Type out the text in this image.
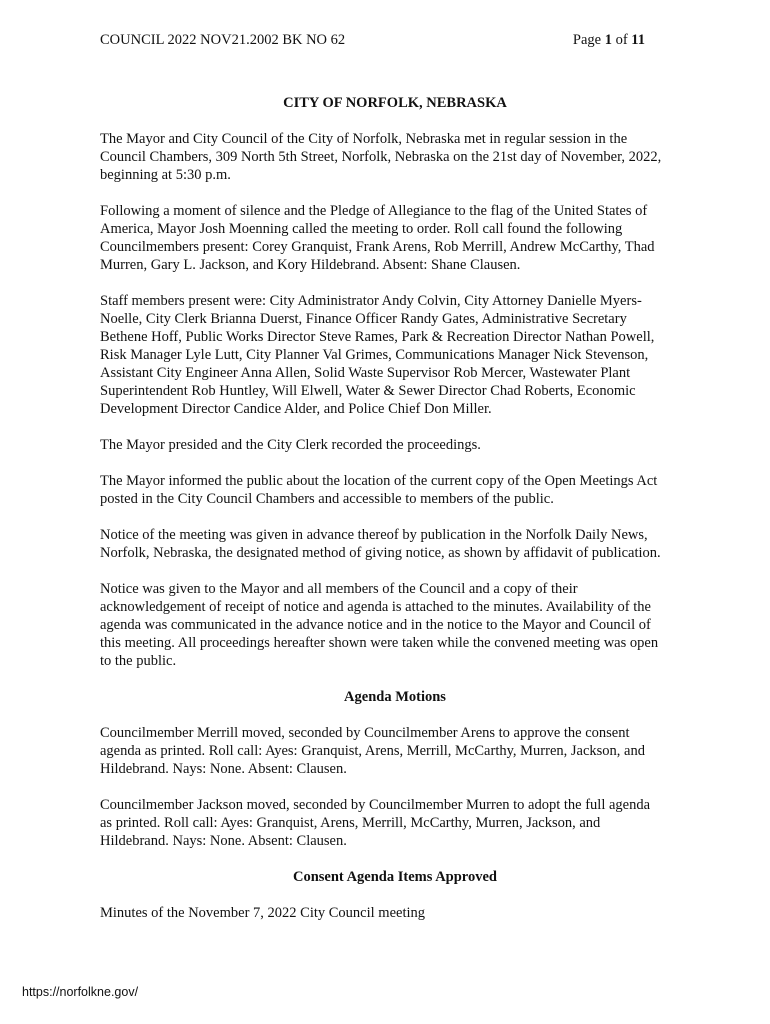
COUNCIL 2022 NOV21.2002 BK NO 62	Page 1 of 11
CITY OF NORFOLK, NEBRASKA
The Mayor and City Council of the City of Norfolk, Nebraska met in regular session in the
Council Chambers, 309 North 5th Street, Norfolk, Nebraska on the 21st day of November, 2022,
beginning at 5:30 p.m.
Following a moment of silence and the Pledge of Allegiance to the flag of the United States of
America, Mayor Josh Moenning called the meeting to order. Roll call found the following
Councilmembers present: Corey Granquist, Frank Arens, Rob Merrill, Andrew McCarthy, Thad
Murren, Gary L. Jackson, and Kory Hildebrand. Absent: Shane Clausen.
Staff members present were: City Administrator Andy Colvin, City Attorney Danielle Myers-
Noelle, City Clerk Brianna Duerst, Finance Officer Randy Gates, Administrative Secretary
Bethene Hoff, Public Works Director Steve Rames, Park & Recreation Director Nathan Powell,
Risk Manager Lyle Lutt, City Planner Val Grimes, Communications Manager Nick Stevenson,
Assistant City Engineer Anna Allen, Solid Waste Supervisor Rob Mercer, Wastewater Plant
Superintendent Rob Huntley, Will Elwell, Water & Sewer Director Chad Roberts, Economic
Development Director Candice Alder, and Police Chief Don Miller.
The Mayor presided and the City Clerk recorded the proceedings.
The Mayor informed the public about the location of the current copy of the Open Meetings Act
posted in the City Council Chambers and accessible to members of the public.
Notice of the meeting was given in advance thereof by publication in the Norfolk Daily News,
Norfolk, Nebraska, the designated method of giving notice, as shown by affidavit of publication.
Notice was given to the Mayor and all members of the Council and a copy of their
acknowledgement of receipt of notice and agenda is attached to the minutes. Availability of the
agenda was communicated in the advance notice and in the notice to the Mayor and Council of
this meeting. All proceedings hereafter shown were taken while the convened meeting was open
to the public.
Agenda Motions
Councilmember Merrill moved, seconded by Councilmember Arens to approve the consent
agenda as printed. Roll call: Ayes: Granquist, Arens, Merrill, McCarthy, Murren, Jackson, and
Hildebrand. Nays: None. Absent: Clausen.
Councilmember Jackson moved, seconded by Councilmember Murren to adopt the full agenda
as printed. Roll call: Ayes: Granquist, Arens, Merrill, McCarthy, Murren, Jackson, and
Hildebrand. Nays: None. Absent: Clausen.
Consent Agenda Items Approved
Minutes of the November 7, 2022 City Council meeting
https://norfolkne.gov/
